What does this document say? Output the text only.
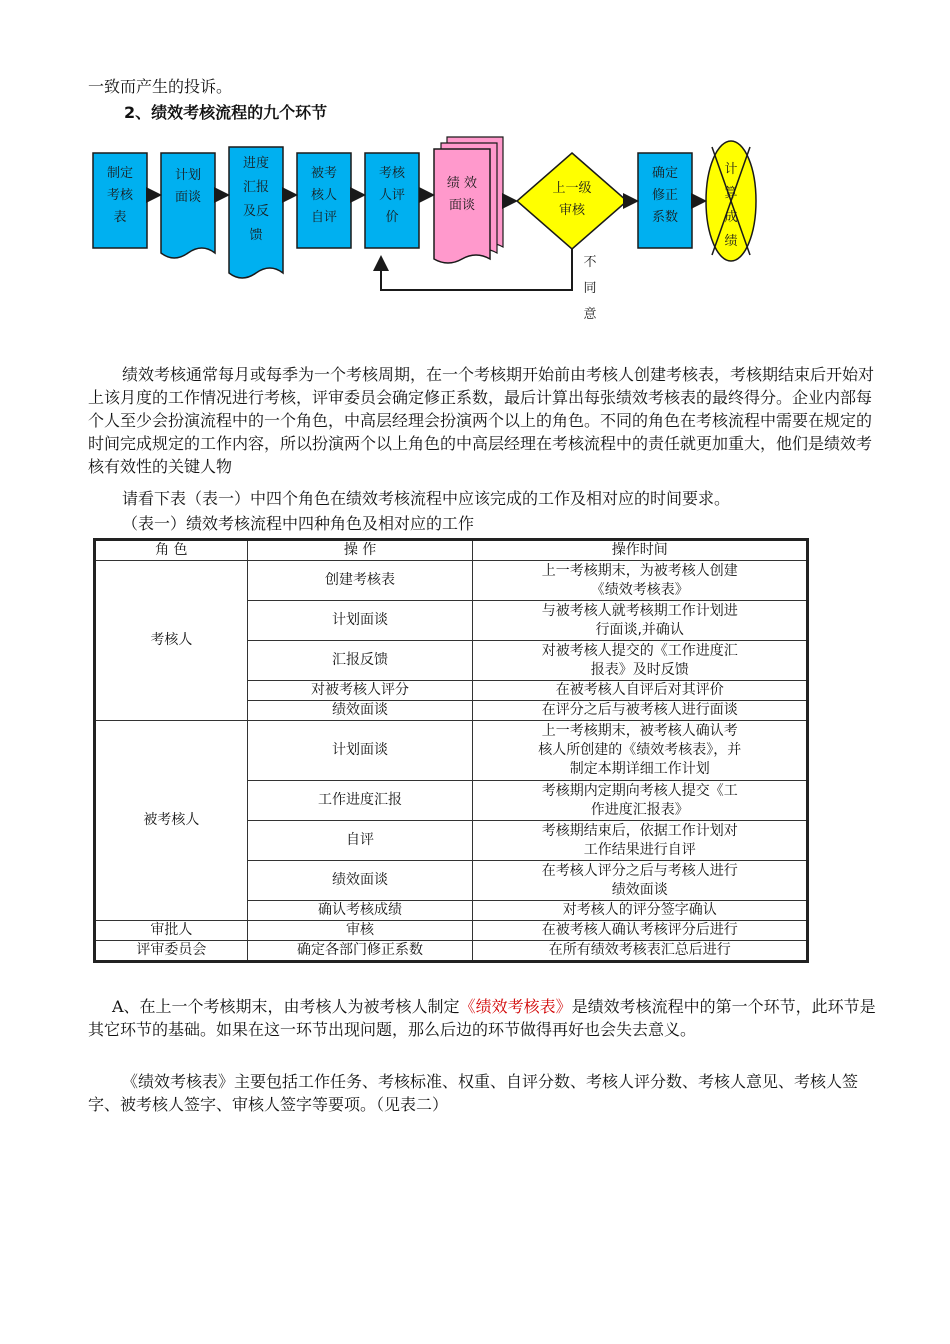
一致而产生的投诉。
2、绩效考核流程的九个环节
制定考核表
计划面谈
进度汇报及反馈
被考核人自评
考核人评价
绩 效面谈
上一级审核
确定修正系数
计算成绩
不同意
绩效考核通常每月或每季为一个考核周期，在一个考核期开始前由考核人创建考核表，考核期结束后开始对上该月度的工作情况进行考核，评审委员会确定修正系数，最后计算出每张绩效考核表的最终得分。企业内部每个人至少会扮演流程中的一个角色，中高层经理会扮演两个以上的角色。不同的角色在考核流程中需要在规定的时间完成规定的工作内容，所以扮演两个以上角色的中高层经理在考核流程中的责任就更加重大，他们是绩效考核有效性的关键人物
请看下表（表一）中四个角色在绩效考核流程中应该完成的工作及相对应的时间要求。
（表一）绩效考核流程中四种角色及相对应的工作
角 色	操 作	操作时间
考核人	创建考核表	上一考核期末，为被考核人创建
《绩效考核表》

	计划面谈	与被考核人就考核期工作计划进
行面谈,并确认

	汇报反馈	对被考核人提交的《工作进度汇
报表》及时反馈

	对被考核人评分	在被考核人自评后对其评价

	绩效面谈	在评分之后与被考核人进行面谈

被考核人	计划面谈	上一考核期末，被考核人确认考
核人所创建的《绩效考核表》，并
制定本期详细工作计划

	工作进度汇报	考核期内定期向考核人提交《工
作进度汇报表》

	自评	考核期结束后，依据工作计划对
工作结果进行自评

	绩效面谈	在考核人评分之后与考核人进行
绩效面谈

	确认考核成绩	对考核人的评分签字确认

审批人	审核	在被考核人确认考核评分后进行

评审委员会	确定各部门修正系数	在所有绩效考核表汇总后进行
A、在上一个考核期末，由考核人为被考核人制定《绩效考核表》是绩效考核流程中的第一个环节，此环节是其它环节的基础。如果在这一环节出现问题，那么后边的环节做得再好也会失去意义。
《绩效考核表》主要包括工作任务、考核标准、权重、自评分数、考核人评分数、考核人意见、考核人签字、被考核人签字、审核人签字等要项。（见表二）
